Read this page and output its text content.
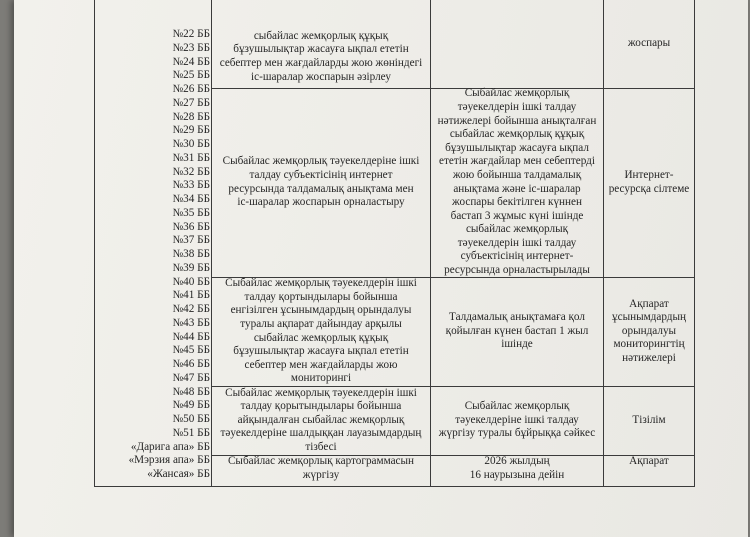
№22 ББ
№23 ББ
№24 ББ
№25 ББ
№26 ББ
№27 ББ
№28 ББ
№29 ББ
№30 ББ
№31 ББ
№32 ББ
№33 ББ
№34 ББ
№35 ББ
№36 ББ
№37 ББ
№38 ББ
№39 ББ
№40 ББ
№41 ББ
№42 ББ
№43 ББ
№44 ББ
№45 ББ
№46 ББ
№47 ББ
№48 ББ
№49 ББ
№50 ББ
№51 ББ
«Дарига апа» ББ
«Мэрзия апа» ББ
«Жансая» ББ
сыбайлас жемқорлық құқық
бұзушылықтар жасауға ықпал ететін
себептер мен жағдайларды жою жөніндегі
іс-шаралар жоспарын әзірлеу
жоспары
Сыбайлас жемқорлық тәуекелдеріне ішкі
талдау субъектісінің интернет
ресурсында талдамалық анықтама мен
іс-шаралар жоспарын орналастыру
Сыбайлас жемқорлық
тәуекелдерін ішкі талдау
нәтижелері бойынша анықталған
сыбайлас жемқорлық құқық
бұзушылықтар жасауға ықпал
ететін жағдайлар мен себептерді
жою бойынша талдамалық
анықтама және іс-шаралар
жоспары бекітілген күннен
бастап 3 жұмыс күні ішінде
сыбайлас жемқорлық
тәуекелдерін ішкі талдау
субъектісінің интернет-
ресурсында орналастырылады
Интернет-
ресурсқа сілтеме
Сыбайлас жемқорлық тәуекелдерін ішкі
талдау қортындылары бойынша
енгізілген ұсынымдардың орындалуы
туралы ақпарат дайындау арқылы
сыбайлас жемқорлық құқық
бұзушылықтар жасауға ықпал ететін
себептер мен жағдайларды жою
мониторингі
Талдамалық анықтамаға қол
қойылған күнен бастап 1 жыл
ішінде
Ақпарат
ұсынымдардың
орындалуы
мониторингтің
нәтижелері
Сыбайлас жемқорлық тәуекелдерін ішкі
талдау қорытындылары бойынша
айқындалған сыбайлас жемқорлық
тәуекелдеріне шалдыққан лауазымдардың
тізбесі
Сыбайлас жемқорлық
тәуекелдеріне ішкі талдау
жүргізу туралы бұйрыққа сәйкес
Тізілім
Сыбайлас жемқорлық картограммасын
жүргізу
2026 жылдың
16 наурызына дейін
Ақпарат
